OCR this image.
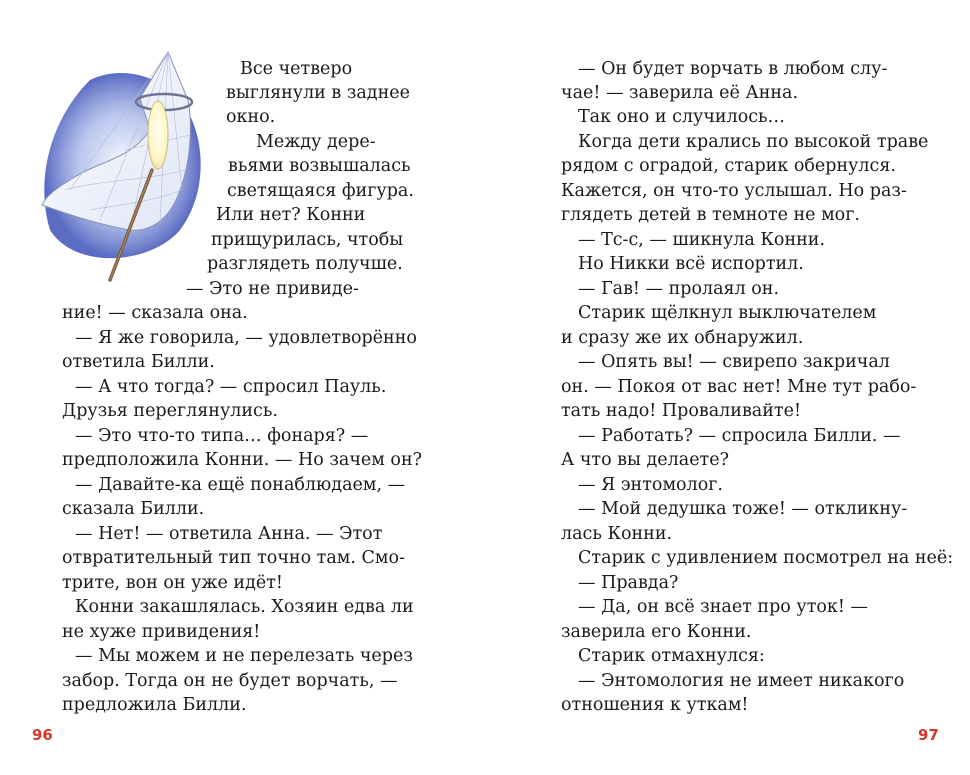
Все четверо
выглянули в заднее
окно.
Между дере-
вьями возвышалась
светящаяся фигура.
Или нет? Конни
прищурилась, чтобы
разглядеть получше.
— Это не привиде-
ние! — сказала она.
— Я же говорила, — удовлетворённо
ответила Билли.
— А что тогда? — спросил Пауль.
Друзья переглянулись.
— Это что-то типа… фонаря? —
предположила Конни. — Но зачем он?
— Давайте-ка ещё понаблюдаем, —
сказала Билли.
— Нет! — ответила Анна. — Этот
отвратительный тип точно там. Смо-
трите, вон он уже идёт!
Конни закашлялась. Хозяин едва ли
не хуже привидения!
— Мы можем и не перелезать через
забор. Тогда он не будет ворчать, —
предложила Билли.
— Он будет ворчать в любом слу-
чае! — заверила её Анна.
Так оно и случилось…
Когда дети крались по высокой траве
рядом с оградой, старик обернулся.
Кажется, он что-то услышал. Но раз-
глядеть детей в темноте не мог.
— Тс-с, — шикнула Конни.
Но Никки всё испортил.
— Гав! — пролаял он.
Старик щёлкнул выключателем
и сразу же их обнаружил.
— Опять вы! — свирепо закричал
он. — Покоя от вас нет! Мне тут рабо-
тать надо! Проваливайте!
— Работать? — спросила Билли. —
А что вы делаете?
— Я энтомолог.
— Мой дедушка тоже! — откликну-
лась Конни.
Старик с удивлением посмотрел на неё:
— Правда?
— Да, он всё знает про уток! —
заверила его Конни.
Старик отмахнулся:
— Энтомология не имеет никакого
отношения к уткам!
96	97
